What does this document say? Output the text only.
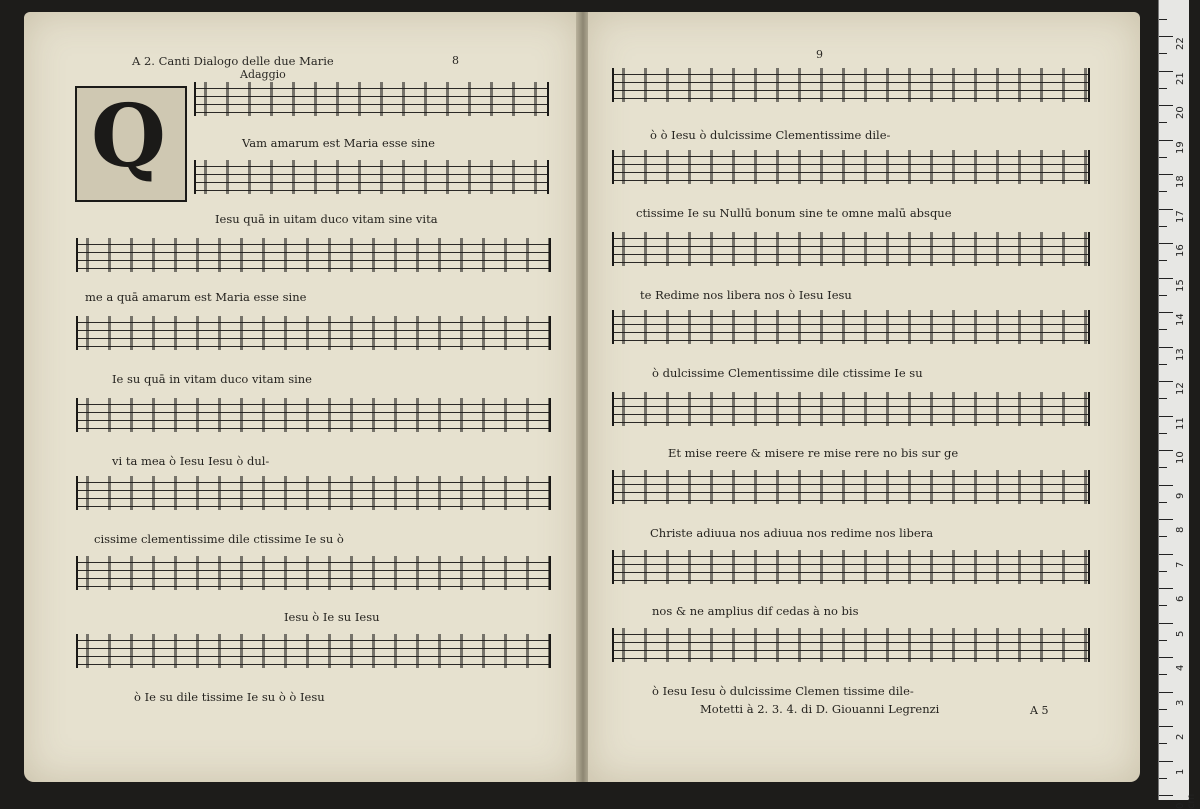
A 2. Canti Dialogo delle due Marie	8
Adaggio
Q	Vam amarum est Maria esse sine
Iesu quā in uitam duco vitam sine vita
me a quā amarum est Maria esse sine
Ie su quā in vitam duco vitam sine
vi ta mea ò Iesu Iesu ò dul-
cissime clementissime dile ctissime Ie su ò
Iesu ò Ie su Iesu
ò Ie su dile tissime Ie su ò ò Iesu
9
ò ò Iesu ò dulcissime Clementissime dile-
ctissime Ie su Nullū bonum sine te omne malū absque
te Redime nos libera nos ò Iesu Iesu
ò dulcissime Clementissime dile ctissime Ie su
Et mise reere & misere re mise rere no bis sur ge
Christe adiuua nos adiuua nos redime nos libera
nos & ne amplius dif cedas à no bis
ò Iesu Iesu ò dulcissime Clemen tissime dile-
Motetti à 2. 3. 4. di D. Giouanni Legrenzi	A 5
0 cm
1
2
3
4
5
6
7
8
9
10
11
12
13
14
15
16
17
18
19
20
21
22
